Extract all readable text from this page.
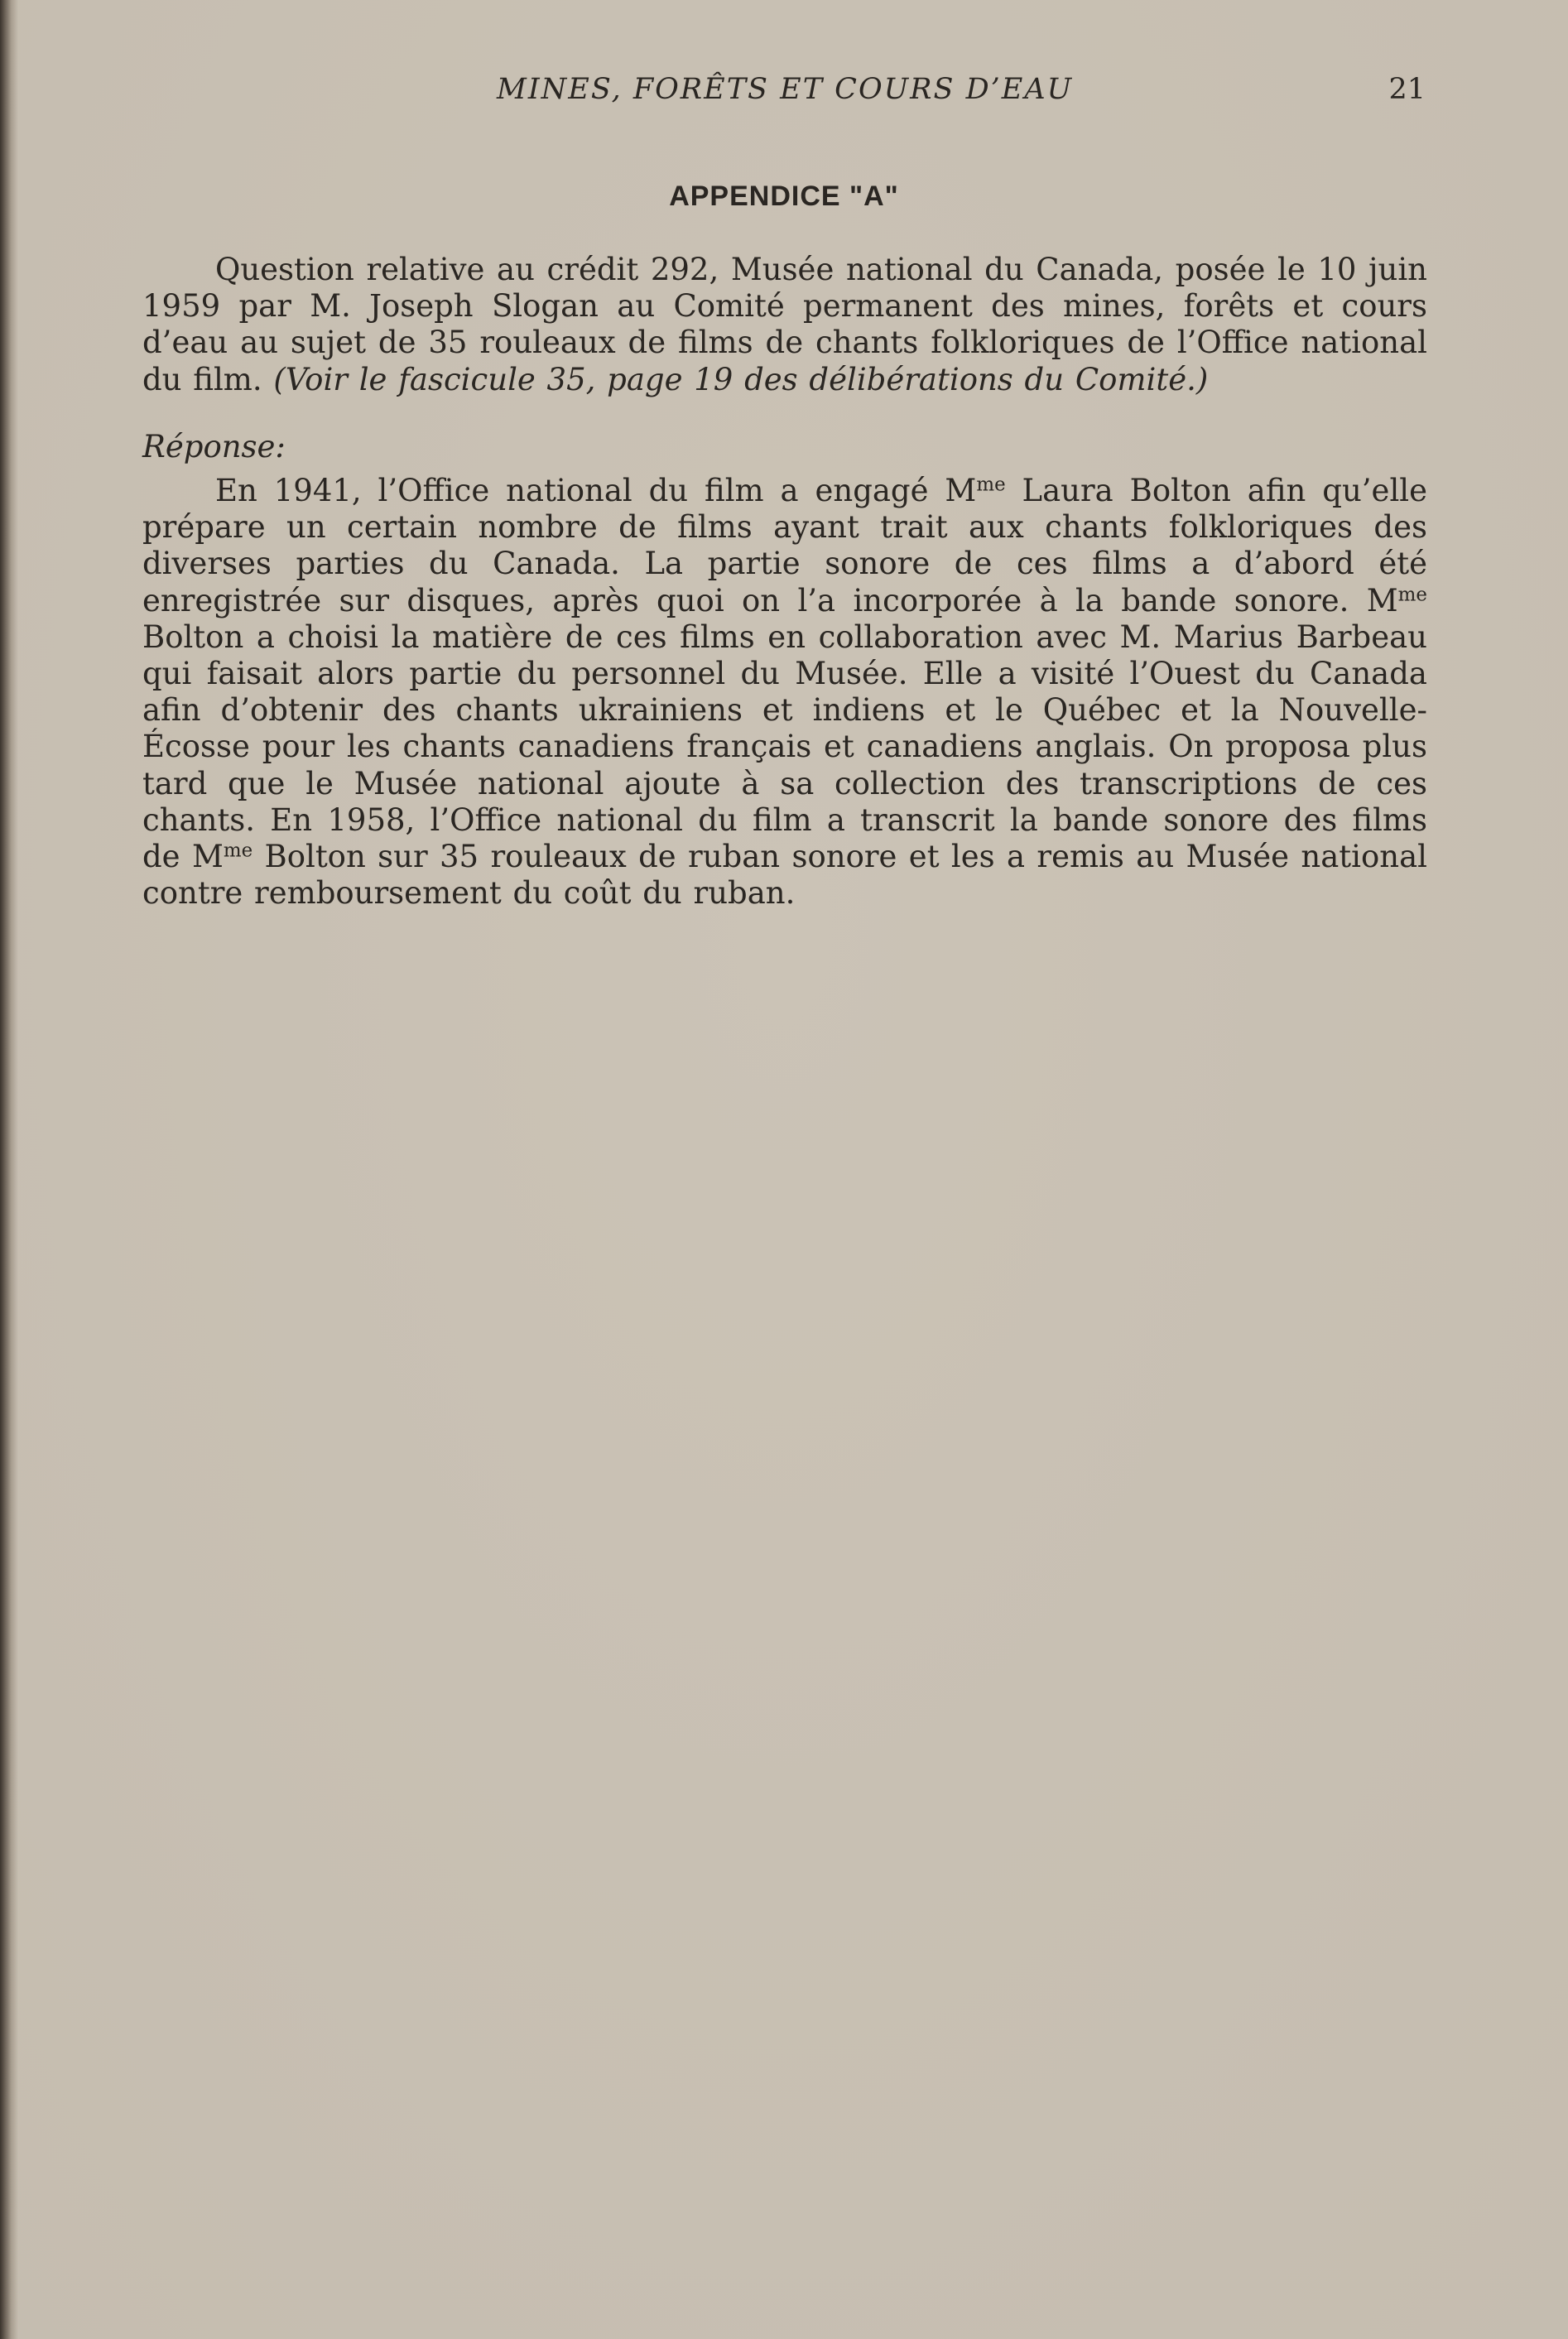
MINES, FORÊTS ET COURS D’EAU	21
APPENDICE "A"
Question relative au crédit 292, Musée national du Canada, posée le 10 juin 1959 par M. Joseph Slogan au Comité permanent des mines, forêts et cours d’eau au sujet de 35 rouleaux de films de chants folkloriques de l’Office national du film. (Voir le fascicule 35, page 19 des délibérations du Comité.)
Réponse:
En 1941, l’Office national du film a engagé $M^{me}$ Laura Bolton afin qu’elle prépare un certain nombre de films ayant trait aux chants folkloriques des diverses parties du Canada. La partie sonore de ces films a d’abord été enregistrée sur disques, après quoi on l’a incorporée à la bande sonore. $M^{me}$ Bolton a choisi la matière de ces films en collaboration avec M. Marius Barbeau qui faisait alors partie du personnel du Musée. Elle a visité l’Ouest du Canada afin d’obtenir des chants ukrainiens et indiens et le Québec et la Nouvelle-Écosse pour les chants canadiens français et canadiens anglais. On proposa plus tard que le Musée national ajoute à sa collection des transcriptions de ces chants. En 1958, l’Office national du film a transcrit la bande sonore des films de $M^{me}$ Bolton sur 35 rouleaux de ruban sonore et les a remis au Musée national contre remboursement du coût du ruban.
